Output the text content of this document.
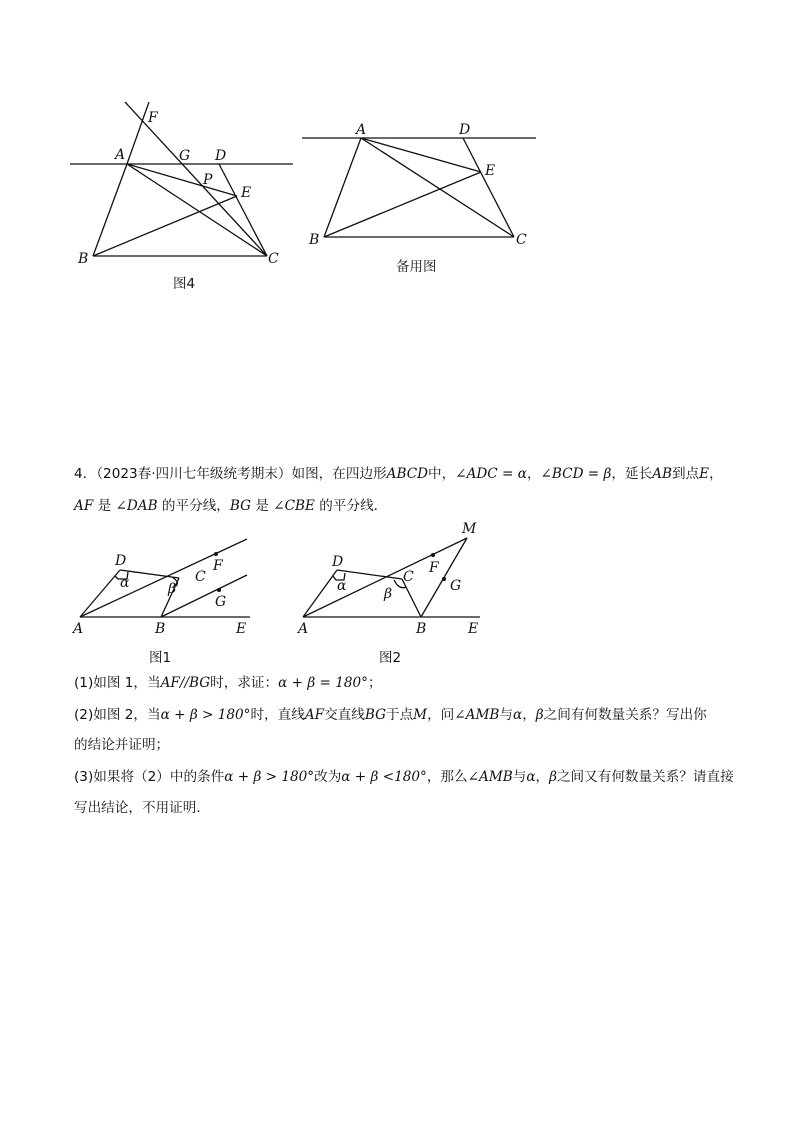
F
A	G D
P
E
B	C
图4
A	D
E
B	C
备用图
4．（2023春·四川七年级统考期末）如图，在四边形ABCD中，∠ADC = α，∠BCD = β，延长AB到点E，
AF 是 ∠DAB 的平分线，BG 是 ∠CBE 的平分线．
D
α	C
β
F
G
A	B	E
图1
M
D
α
C
β
F
G
A	B	E
图2
(1)如图 1，当AF//BG时，求证：α + β = 180°；
(2)如图 2，当α + β > 180°时，直线AF交直线BG于点M，问∠AMB与α，β之间有何数量关系？写出你
的结论并证明；
(3)如果将（2）中的条件α + β > 180°改为α + β <180°，那么∠AMB与α，β之间又有何数量关系？请直接
写出结论，不用证明．
